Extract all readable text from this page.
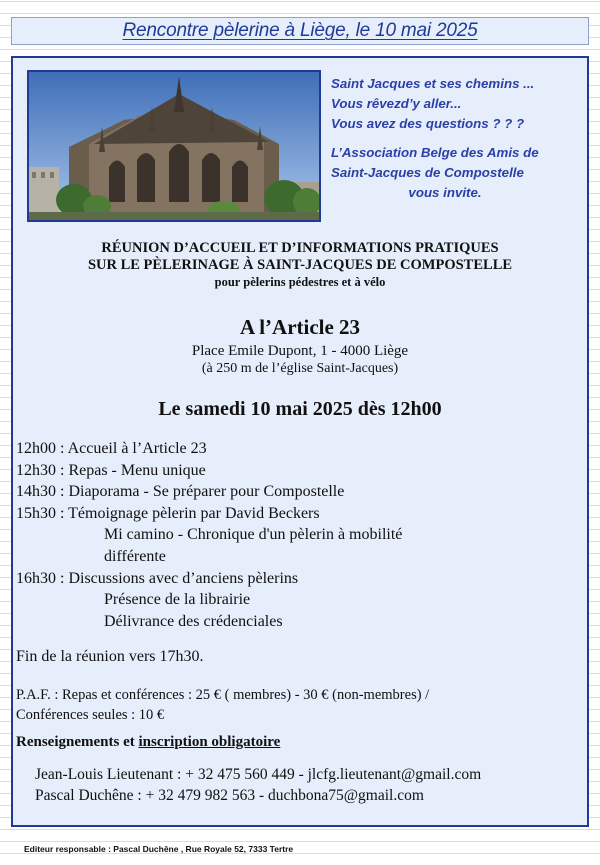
Rencontre pèlerine à Liège, le 10 mai 2025
Saint Jacques et ses chemins ...
Vous rêvezd’y aller...
Vous avez des questions ? ? ?
L’Association Belge des Amis de
Saint-Jacques de Compostelle
vous invite.
RÉUNION D’ACCUEIL ET D’INFORMATIONS PRATIQUES
SUR LE PÈLERINAGE À SAINT-JACQUES DE COMPOSTELLE
pour pèlerins pédestres et à vélo
A l’Article 23
Place Emile Dupont, 1 - 4000 Liège
(à 250 m de l’église Saint-Jacques)
Le samedi 10 mai 2025 dès 12h00
12h00 : Accueil à l’Article 23
12h30 : Repas - Menu unique
14h30 : Diaporama - Se préparer pour Compostelle
15h30 : Témoignage pèlerin par David Beckers
Mi camino - Chronique d'un pèlerin à mobilité
différente
16h30 : Discussions avec d’anciens pèlerins
Présence de la librairie
Délivrance des crédenciales
Fin de la réunion vers 17h30.
P.A.F. : Repas et conférences : 25 € ( membres) - 30 € (non-membres) /
Conférences seules : 10 €
Renseignements et inscription obligatoire
Jean-Louis Lieutenant : + 32 475 560 449 - jlcfg.lieutenant@gmail.com
Pascal Duchêne : + 32 479 982 563 - duchbona75@gmail.com
Editeur responsable : Pascal Duchêne , Rue Royale 52, 7333 Tertre
